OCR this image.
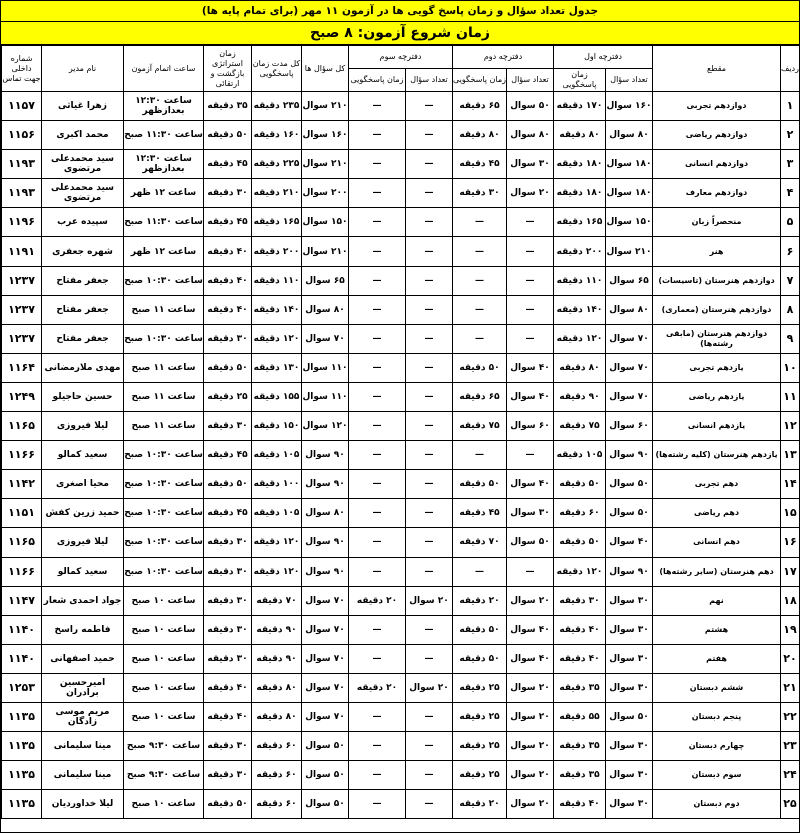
جدول تعداد سؤال و زمان پاسخ گویی ها در آزمون ۱۱ مهر (برای تمام پایه ها)
زمان شروع آزمون: ۸ صبح
ردیف	مقطع	دفترچه اول		دفترچه دوم		دفترچه سوم		کل سؤال ها	کل مدت زمان پاسخگویی	زمان استراتژی بازگشت و ارتقائی	ساعت اتمام آزمون	نام مدیر	شماره داخلی جهت تماس
		تعداد سؤال	زمان پاسخگویی	تعداد سؤال	زمان پاسخگویی	تعداد سؤال	زمان پاسخگویی						
۱	دوازدهم تجربی	۱۶۰ سوال	۱۷۰ دقیقه	۵۰ سوال	۶۵ دقیقه	—	—	۲۱۰ سوال	۲۳۵ دقیقه	۳۵ دقیقه	ساعت ۱۲:۳۰ بعدازظهر	زهرا غیاثی	۱۱۵۷
۲	دوازدهم ریاضی	۸۰ سوال	۸۰ دقیقه	۸۰ سوال	۸۰ دقیقه	—	—	۱۶۰ سوال	۱۶۰ دقیقه	۵۰ دقیقه	ساعت ۱۱:۳۰ صبح	محمد اکبری	۱۱۵۶
۳	دوازدهم انسانی	۱۸۰ سوال	۱۸۰ دقیقه	۳۰ سوال	۴۵ دقیقه	—	—	۲۱۰ سوال	۲۲۵ دقیقه	۴۵ دقیقه	ساعت ۱۲:۳۰ بعدازظهر	سید محمدعلی مرتضوی	۱۱۹۳
۴	دوازدهم معارف	۱۸۰ سوال	۱۸۰ دقیقه	۲۰ سوال	۳۰ دقیقه	—	—	۲۰۰ سوال	۲۱۰ دقیقه	۳۰ دقیقه	ساعت ۱۲ ظهر	سید محمدعلی مرتضوی	۱۱۹۳
۵	منحصراً زبان	۱۵۰ سوال	۱۶۵ دقیقه	—	—	—	—	۱۵۰ سوال	۱۶۵ دقیقه	۴۵ دقیقه	ساعت ۱۱:۳۰ صبح	سپیده عرب	۱۱۹۶
۶	هنر	۲۱۰ سوال	۲۰۰ دقیقه	—	—	—	—	۲۱۰ سوال	۲۰۰ دقیقه	۴۰ دقیقه	ساعت ۱۲ ظهر	شهره جعفری	۱۱۹۱
۷	دوازدهم هنرستان (تاسیسات)	۶۵ سوال	۱۱۰ دقیقه	—	—	—	—	۶۵ سوال	۱۱۰ دقیقه	۴۰ دقیقه	ساعت ۱۰:۳۰ صبح	جعفر مفتاح	۱۲۳۷
۸	دوازدهم هنرستان (معماری)	۸۰ سوال	۱۴۰ دقیقه	—	—	—	—	۸۰ سوال	۱۴۰ دقیقه	۴۰ دقیقه	ساعت ۱۱ صبح	جعفر مفتاح	۱۲۳۷
۹	دوازدهم هنرستان (مابقی رشته‌ها)	۷۰ سوال	۱۲۰ دقیقه	—	—	—	—	۷۰ سوال	۱۲۰ دقیقه	۳۰ دقیقه	ساعت ۱۰:۳۰ صبح	جعفر مفتاح	۱۲۳۷
۱۰	یازدهم تجربی	۷۰ سوال	۸۰ دقیقه	۴۰ سوال	۵۰ دقیقه	—	—	۱۱۰ سوال	۱۳۰ دقیقه	۵۰ دقیقه	ساعت ۱۱ صبح	مهدی ملارمضانی	۱۱۶۴
۱۱	یازدهم ریاضی	۷۰ سوال	۹۰ دقیقه	۴۰ سوال	۶۵ دقیقه	—	—	۱۱۰ سوال	۱۵۵ دقیقه	۲۵ دقیقه	ساعت ۱۱ صبح	حسین حاجیلو	۱۲۴۹
۱۲	یازدهم انسانی	۶۰ سوال	۷۵ دقیقه	۶۰ سوال	۷۵ دقیقه	—	—	۱۲۰ سوال	۱۵۰ دقیقه	۳۰ دقیقه	ساعت ۱۱ صبح	لیلا فیروزی	۱۱۶۵
۱۳	یازدهم هنرستان (کلیه رشته‌ها)	۹۰ سوال	۱۰۵ دقیقه	—	—	—	—	۹۰ سوال	۱۰۵ دقیقه	۴۵ دقیقه	ساعت ۱۰:۳۰ صبح	سعید کمالو	۱۱۶۶
۱۴	دهم تجربی	۵۰ سوال	۵۰ دقیقه	۴۰ سوال	۵۰ دقیقه	—	—	۹۰ سوال	۱۰۰ دقیقه	۵۰ دقیقه	ساعت ۱۰:۳۰ صبح	محیا اصغری	۱۱۴۲
۱۵	دهم ریاضی	۵۰ سوال	۶۰ دقیقه	۳۰ سوال	۴۵ دقیقه	—	—	۸۰ سوال	۱۰۵ دقیقه	۴۵ دقیقه	ساعت ۱۰:۳۰ صبح	حمید زرین کفش	۱۱۵۱
۱۶	دهم انسانی	۴۰ سوال	۵۰ دقیقه	۵۰ سوال	۷۰ دقیقه	—	—	۹۰ سوال	۱۲۰ دقیقه	۳۰ دقیقه	ساعت ۱۰:۳۰ صبح	لیلا فیروزی	۱۱۶۵
۱۷	دهم هنرستان (سایر رشته‌ها)	۹۰ سوال	۱۲۰ دقیقه	—	—	—	—	۹۰ سوال	۱۲۰ دقیقه	۳۰ دقیقه	ساعت ۱۰:۳۰ صبح	سعید کمالو	۱۱۶۶
۱۸	نهم	۳۰ سوال	۳۰ دقیقه	۲۰ سوال	۲۰ دقیقه	۲۰ سوال	۲۰ دقیقه	۷۰ سوال	۷۰ دقیقه	۳۰ دقیقه	ساعت ۱۰ صبح	جواد احمدی شعار	۱۱۴۷
۱۹	هشتم	۳۰ سوال	۴۰ دقیقه	۴۰ سوال	۵۰ دقیقه	—	—	۷۰ سوال	۹۰ دقیقه	۳۰ دقیقه	ساعت ۱۰ صبح	فاطمه راسخ	۱۱۴۰
۲۰	هفتم	۳۰ سوال	۴۰ دقیقه	۴۰ سوال	۵۰ دقیقه	—	—	۷۰ سوال	۹۰ دقیقه	۳۰ دقیقه	ساعت ۱۰ صبح	حمید اصفهانی	۱۱۴۰
۲۱	ششم دبستان	۳۰ سوال	۳۵ دقیقه	۲۰ سوال	۲۵ دقیقه	۲۰ سوال	۲۰ دقیقه	۷۰ سوال	۸۰ دقیقه	۴۰ دقیقه	ساعت ۱۰ صبح	امیرحسین برادران	۱۲۵۳
۲۲	پنجم دبستان	۵۰ سوال	۵۵ دقیقه	۲۰ سوال	۲۵ دقیقه	—	—	۷۰ سوال	۸۰ دقیقه	۴۰ دقیقه	ساعت ۱۰ صبح	مریم موسی زادگان	۱۱۳۵
۲۳	چهارم دبستان	۳۰ سوال	۳۵ دقیقه	۲۰ سوال	۲۵ دقیقه	—	—	۵۰ سوال	۶۰ دقیقه	۳۰ دقیقه	ساعت ۹:۳۰ صبح	مینا سلیمانی	۱۱۳۵
۲۴	سوم دبستان	۳۰ سوال	۳۵ دقیقه	۲۰ سوال	۲۵ دقیقه	—	—	۵۰ سوال	۶۰ دقیقه	۳۰ دقیقه	ساعت ۹:۳۰ صبح	مینا سلیمانی	۱۱۳۵
۲۵	دوم دبستان	۳۰ سوال	۴۰ دقیقه	۲۰ سوال	۲۰ دقیقه	—	—	۵۰ سوال	۶۰ دقیقه	۵۰ دقیقه	ساعت ۱۰ صبح	لیلا خداوردیان	۱۱۳۵
